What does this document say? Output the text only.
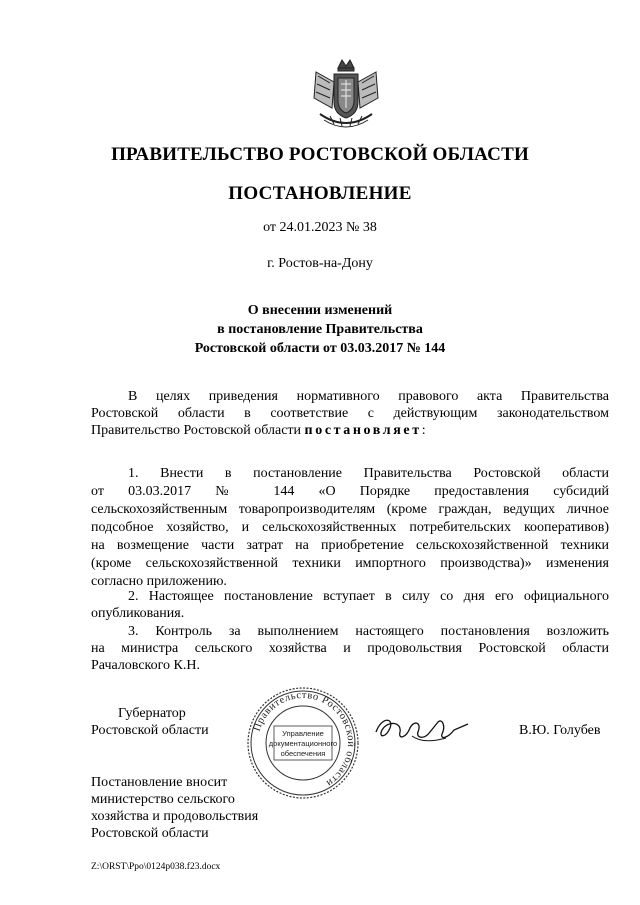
ПРАВИТЕЛЬСТВО РОСТОВСКОЙ ОБЛАСТИ
ПОСТАНОВЛЕНИЕ
от 24.01.2023 № 38
г. Ростов-на-Дону
О внесении изменений
в постановление Правительства
Ростовской области от 03.03.2017 № 144
В целях приведения нормативного правового акта Правительства
Ростовской области в соответствие с действующим законодательством
Правительство Ростовской области постановляет:
1. Внести в постановление Правительства Ростовской области
от 03.03.2017 № 144 «О Порядке предоставления субсидий
сельскохозяйственным товаропроизводителям (кроме граждан, ведущих личное
подсобное хозяйство, и сельскохозяйственных потребительских кооперативов)
на возмещение части затрат на приобретение сельскохозяйственной техники
(кроме сельскохозяйственной техники импортного производства)» изменения
согласно приложению.
2. Настоящее постановление вступает в силу со дня его официального
опубликования.
3. Контроль за выполнением настоящего постановления возложить
на министра сельского хозяйства и продовольствия Ростовской области
Рачаловского К.Н.
Правительство Ростовской области
Управление
документационного
обеспечения
Губернатор
Ростовской области	В.Ю. Голубев
Постановление вносит
министерство сельского
хозяйства и продовольствия
Ростовской области
Z:\ORST\Ppo\0124p038.f23.docx
